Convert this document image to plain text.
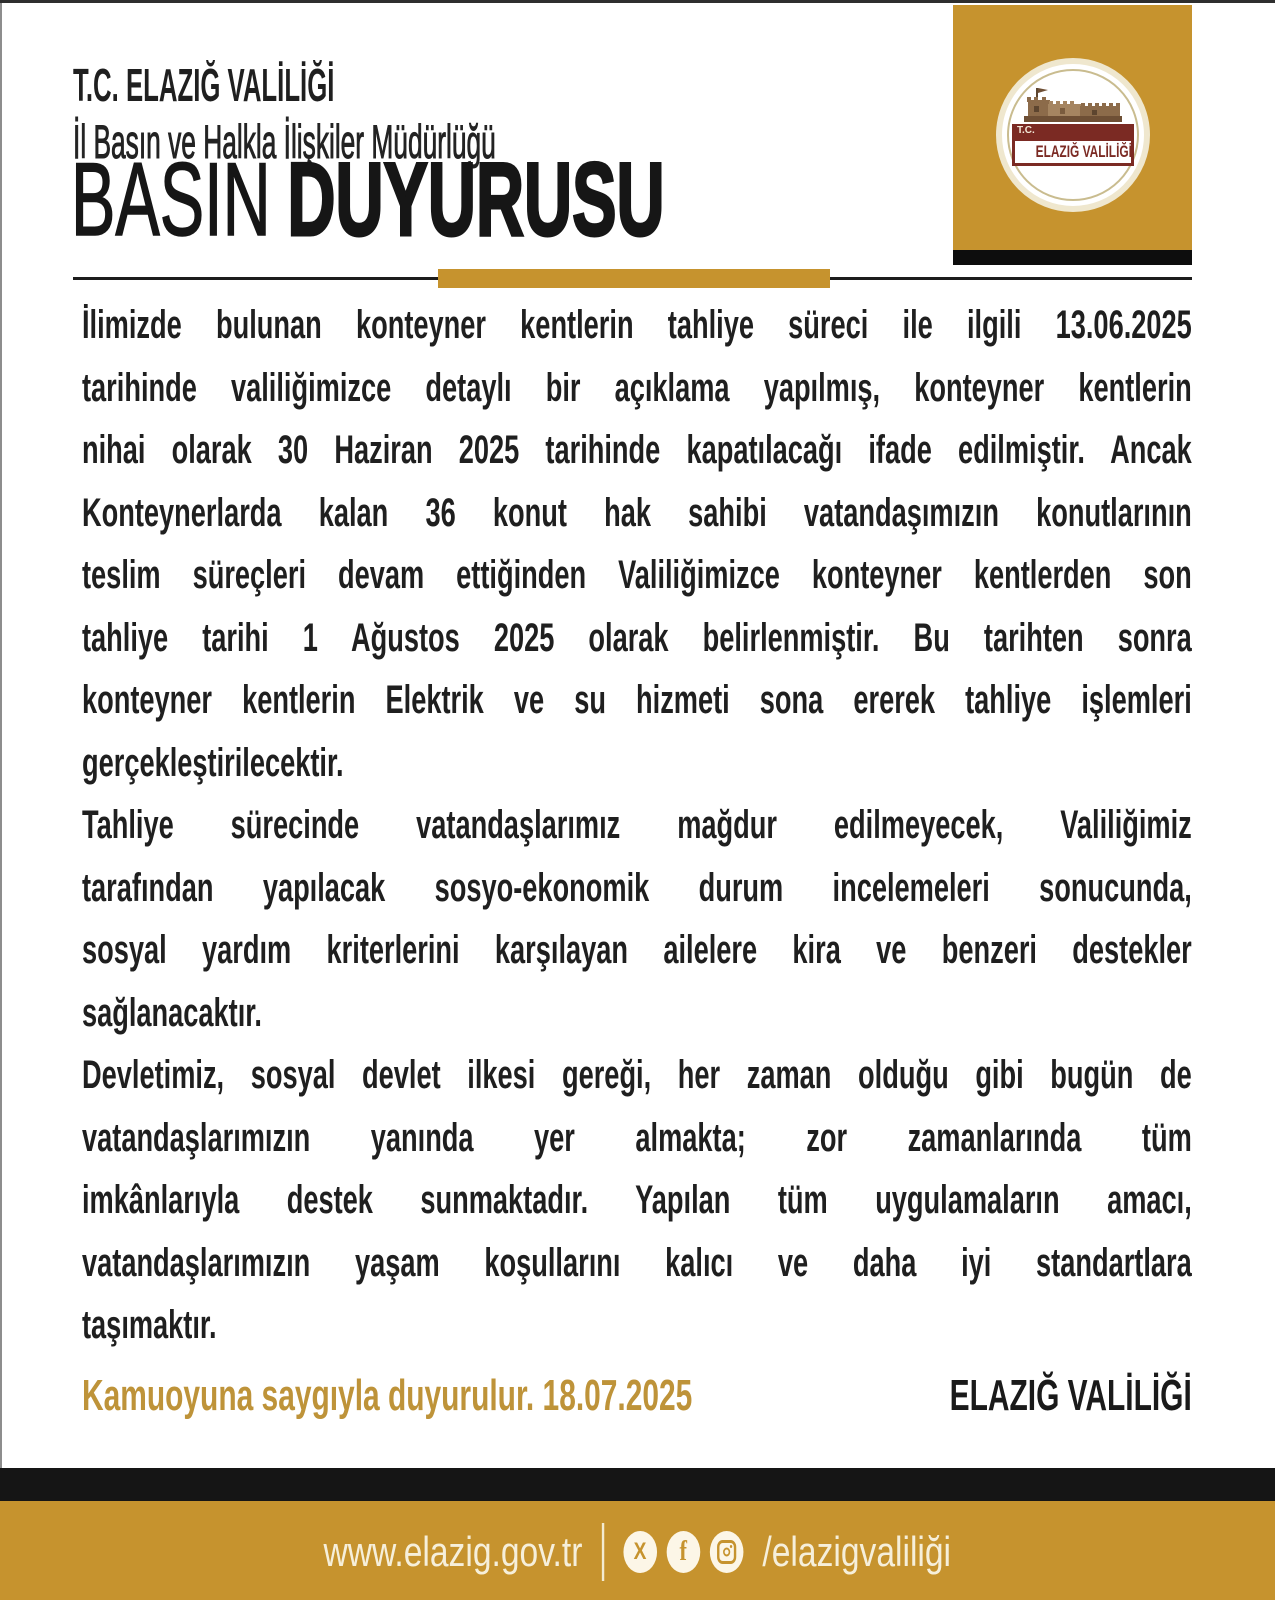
T.C. ELAZIĞ VALİLİĞİ
İl Basın ve Halkla İlişkiler Müdürlüğü
BASIN DUYURUSU
T.C.
ELAZIĞ VALİLİĞİ
İlimizde bulunan konteyner kentlerin tahliye süreci ile ilgili 13.06.2025
tarihinde valiliğimizce detaylı bir açıklama yapılmış, konteyner kentlerin
nihai olarak 30 Haziran 2025 tarihinde kapatılacağı ifade edilmiştir. Ancak
Konteynerlarda kalan 36 konut hak sahibi vatandaşımızın konutlarının
teslim süreçleri devam ettiğinden Valiliğimizce konteyner kentlerden son
tahliye tarihi 1 Ağustos 2025 olarak belirlenmiştir. Bu tarihten sonra
konteyner kentlerin Elektrik ve su hizmeti sona ererek tahliye işlemleri
gerçekleştirilecektir.
Tahliye sürecinde vatandaşlarımız mağdur edilmeyecek, Valiliğimiz
tarafından yapılacak sosyo-ekonomik durum incelemeleri sonucunda,
sosyal yardım kriterlerini karşılayan ailelere kira ve benzeri destekler
sağlanacaktır.
Devletimiz, sosyal devlet ilkesi gereği, her zaman olduğu gibi bugün de
vatandaşlarımızın yanında yer almakta; zor zamanlarında tüm
imkânlarıyla destek sunmaktadır. Yapılan tüm uygulamaların amacı,
vatandaşlarımızın yaşam koşullarını kalıcı ve daha iyi standartlara
taşımaktır.
Kamuoyuna saygıyla duyurulur. 18.07.2025	ELAZIĞ VALİLİĞİ
www.elazig.gov.tr X f /elazigvaliliği
